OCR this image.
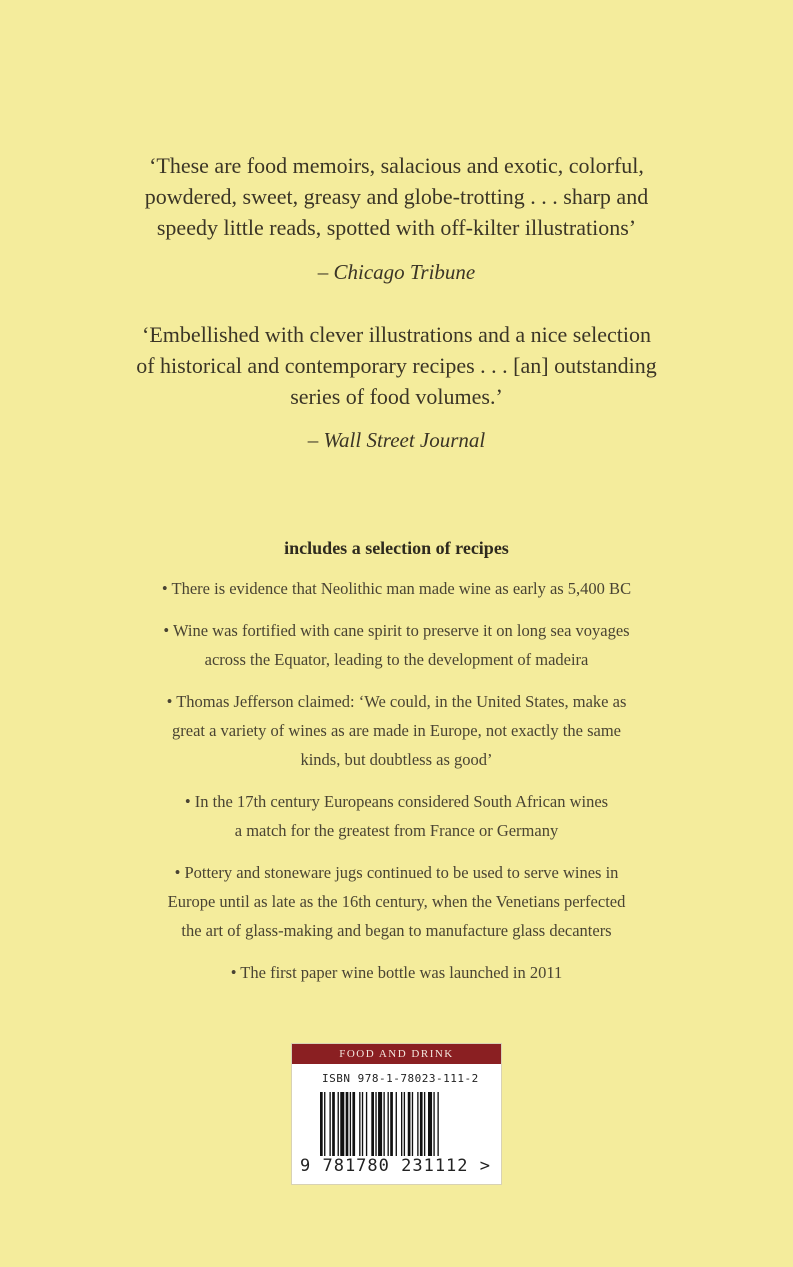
‘These are food memoirs, salacious and exotic, colorful,
powdered, sweet, greasy and globe-trotting . . . sharp and
speedy little reads, spotted with off-kilter illustrations’
– Chicago Tribune
‘Embellished with clever illustrations and a nice selection
of historical and contemporary recipes . . . [an] outstanding
series of food volumes.’
– Wall Street Journal
includes a selection of recipes
• There is evidence that Neolithic man made wine as early as 5,400 BC
• Wine was fortified with cane spirit to preserve it on long sea voyages
across the Equator, leading to the development of madeira
• Thomas Jefferson claimed: ‘We could, in the United States, make as
great a variety of wines as are made in Europe, not exactly the same
kinds, but doubtless as good’
• In the 17th century Europeans considered South African wines
a match for the greatest from France or Germany
• Pottery and stoneware jugs continued to be used to serve wines in
Europe until as late as the 16th century, when the Venetians perfected
the art of glass-making and began to manufacture glass decanters
• The first paper wine bottle was launched in 2011
FOOD AND DRINK
ISBN 978-1-78023-111-2
9 781780 231112 >
